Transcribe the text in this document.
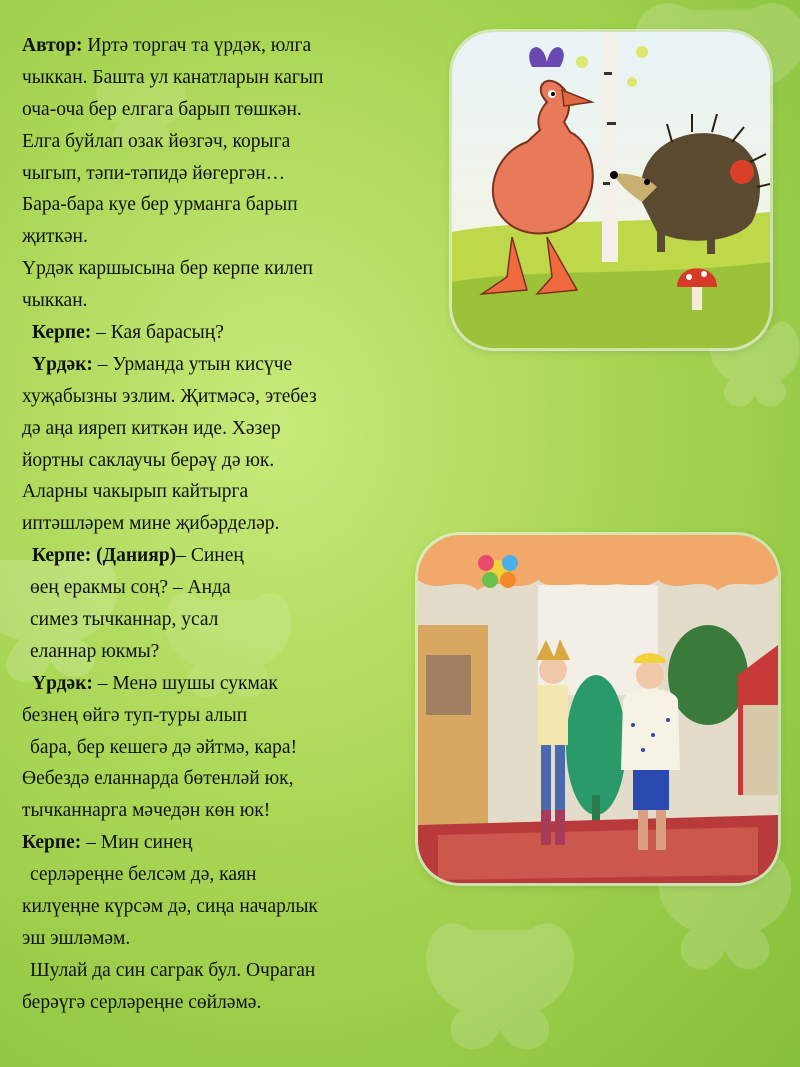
Автор: Иртә торгач та үрдәк, юлга
чыккан. Башта ул канатларын кагып
оча-оча бер елгага барып төшкән.
Елга буйлап озак йөзгәч, корыга
чыгып, тәпи-тәпидә йөгергән…
Бара-бара куе бер урманга барып
җиткән.
Үрдәк каршысына бер керпе килеп
чыккан.
Керпе: – Кая барасың?
Үрдәк: – Урманда утын кисүче
хуҗабызны эзлим. Җитмәсә, этебез
дә аңа ияреп киткән иде. Хәзер
йортны саклаучы берәү дә юк.
Аларны чакырып кайтырга
иптәшләрем мине җибәрделәр.
Керпе: (Данияр)– Синең
өең еракмы соң? – Анда
симез тычканнар, усал
еланнар юкмы?
Үрдәк: – Менә шушы сукмак
безнең өйгә туп-туры алып
бара, бер кешегә дә әйтмә, кара!
Өебездә еланнарда бөтенләй юк,
тычканнарга мәчедән көн юк!
Керпе: – Мин синең
серләреңне белсәм дә, каян
килүеңне күрсәм дә, сиңа начарлык
эш эшләмәм.
Шулай да син саграк бул. Очраган
берәүгә серләреңне сөйләмә.
